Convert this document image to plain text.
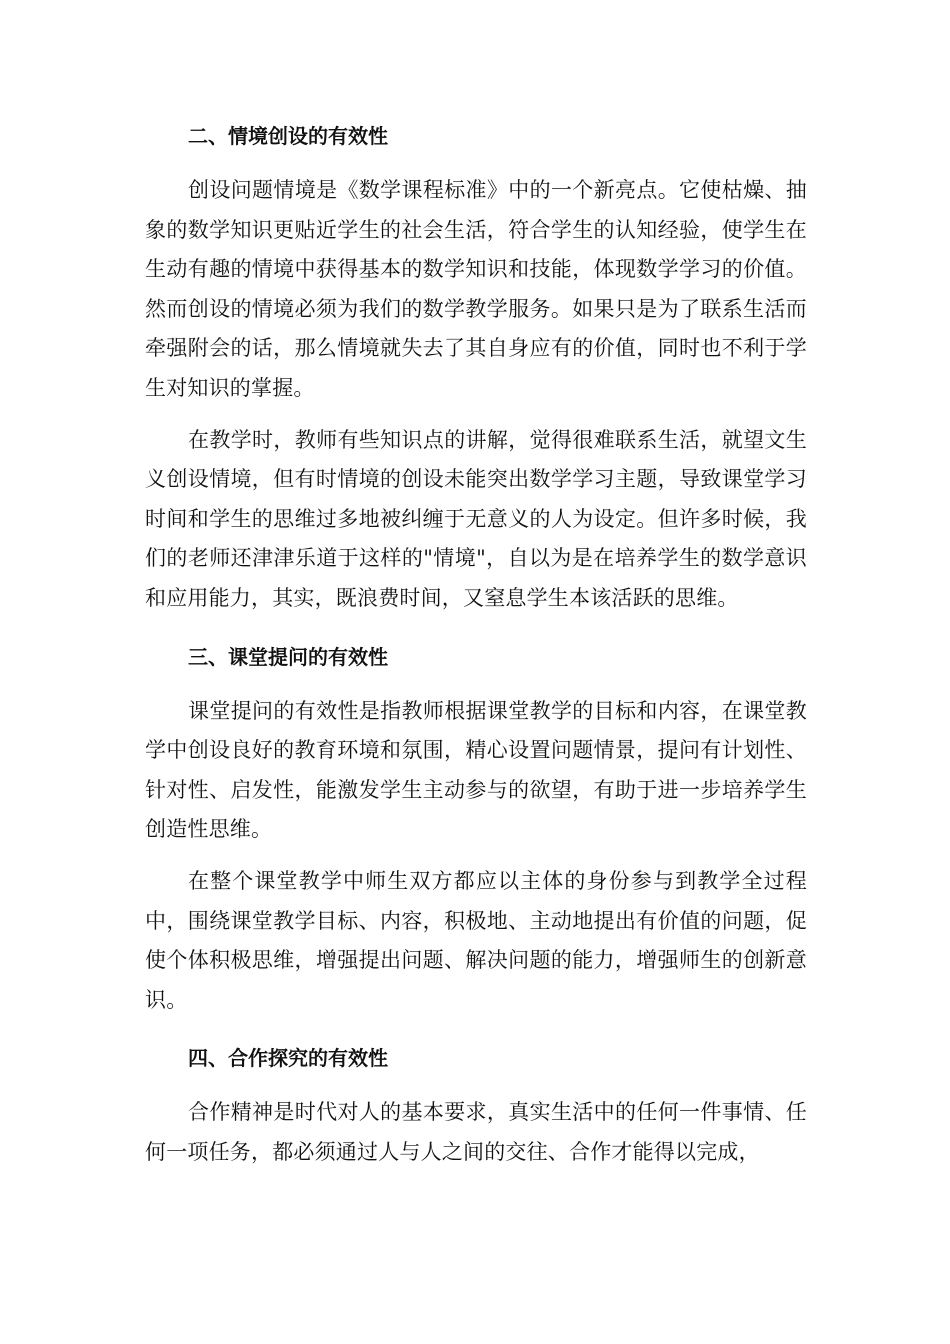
二、情境创设的有效性

创设问题情境是《数学课程标准》中的一个新亮点。它使枯燥、抽象的数学知识更贴近学生的社会生活，符合学生的认知经验，使学生在生动有趣的情境中获得基本的数学知识和技能，体现数学学习的价值。然而创设的情境必须为我们的数学教学服务。如果只是为了联系生活而牵强附会的话，那么情境就失去了其自身应有的价值，同时也不利于学生对知识的掌握。

在教学时，教师有些知识点的讲解，觉得很难联系生活，就望文生义创设情境，但有时情境的创设未能突出数学学习主题，导致课堂学习时间和学生的思维过多地被纠缠于无意义的人为设定。但许多时候，我们的老师还津津乐道于这样的"情境"，自以为是在培养学生的数学意识和应用能力，其实，既浪费时间，又窒息学生本该活跃的思维。

三、课堂提问的有效性

课堂提问的有效性是指教师根据课堂教学的目标和内容，在课堂教学中创设良好的教育环境和氛围，精心设置问题情景，提问有计划性、针对性、启发性，能激发学生主动参与的欲望，有助于进一步培养学生创造性思维。

在整个课堂教学中师生双方都应以主体的身份参与到教学全过程中，围绕课堂教学目标、内容，积极地、主动地提出有价值的问题，促使个体积极思维，增强提出问题、解决问题的能力，增强师生的创新意识。

四、合作探究的有效性

合作精神是时代对人的基本要求，真实生活中的任何一件事情、任何一项任务，都必须通过人与人之间的交往、合作才能得以完成，
